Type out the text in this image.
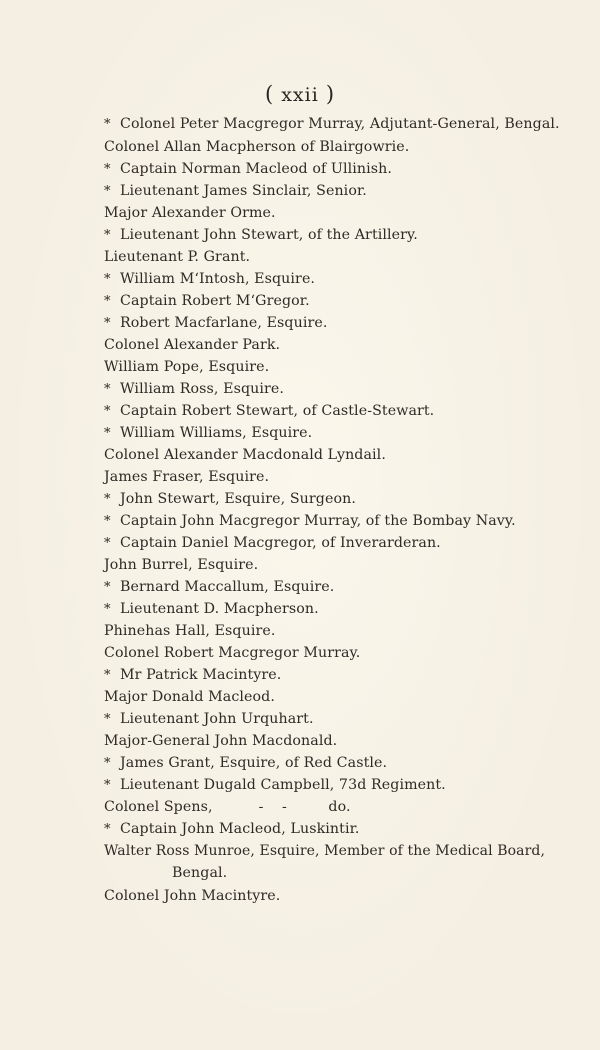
( xxii )
* Colonel Peter Macgregor Murray, Adjutant-General, Bengal.
Colonel Allan Macpherson of Blairgowrie.
* Captain Norman Macleod of Ullinish.
* Lieutenant James Sinclair, Senior.
Major Alexander Orme.
* Lieutenant John Stewart, of the Artillery.
Lieutenant P. Grant.
* William M‘Intosh, Esquire.
* Captain Robert M‘Gregor.
* Robert Macfarlane, Esquire.
Colonel Alexander Park.
William Pope, Esquire.
* William Ross, Esquire.
* Captain Robert Stewart, of Castle-Stewart.
* William Williams, Esquire.
Colonel Alexander Macdonald Lyndail.
James Fraser, Esquire.
* John Stewart, Esquire, Surgeon.
* Captain John Macgregor Murray, of the Bombay Navy.
* Captain Daniel Macgregor, of Inverarderan.
John Burrel, Esquire.
* Bernard Maccallum, Esquire.
* Lieutenant D. Macpherson.
Phinehas Hall, Esquire.
Colonel Robert Macgregor Murray.
* Mr Patrick Macintyre.
Major Donald Macleod.
* Lieutenant John Urquhart.
Major-General John Macdonald.
* James Grant, Esquire, of Red Castle.
* Lieutenant Dugald Campbell, 73d Regiment.
Colonel Spens,          -    -         do.
* Captain John Macleod, Luskintir.
Walter Ross Munroe, Esquire, Member of the Medical Board,
Bengal.
Colonel John Macintyre.
